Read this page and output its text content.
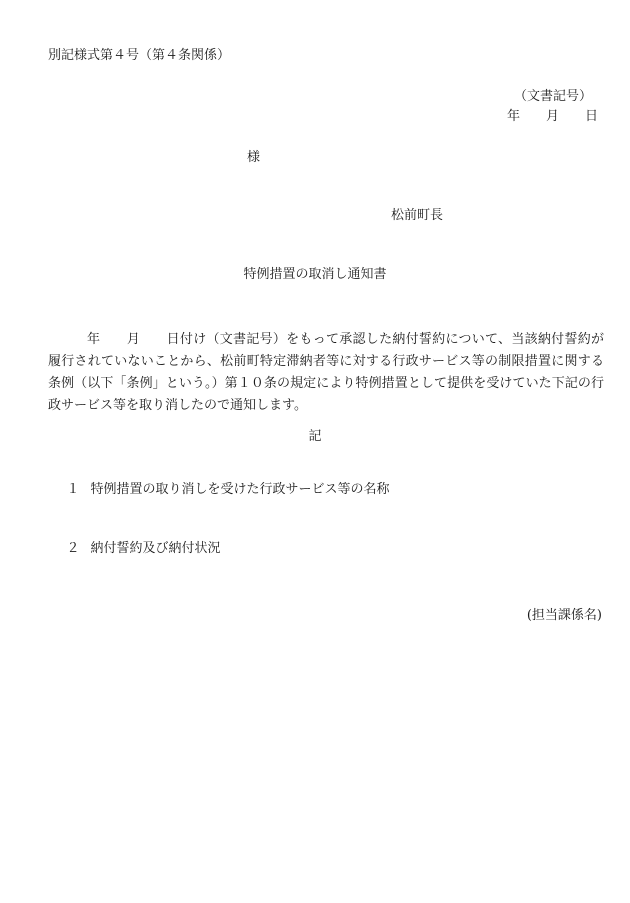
別記様式第４号（第４条関係）
（文書記号）
年　　月　　日
様
松前町長
特例措置の取消し通知書
年　　月　　日付け（文書記号）をもって承認した納付誓約について、当該納付誓約が履行されていないことから、松前町特定滞納者等に対する行政サービス等の制限措置に関する条例（以下「条例」という。）第１０条の規定により特例措置として提供を受けていた下記の行政サービス等を取り消したので通知します。
記

１ 特例措置の取り消しを受けた行政サービス等の名称

２ 納付誓約及び納付状況

(担当課係名)
